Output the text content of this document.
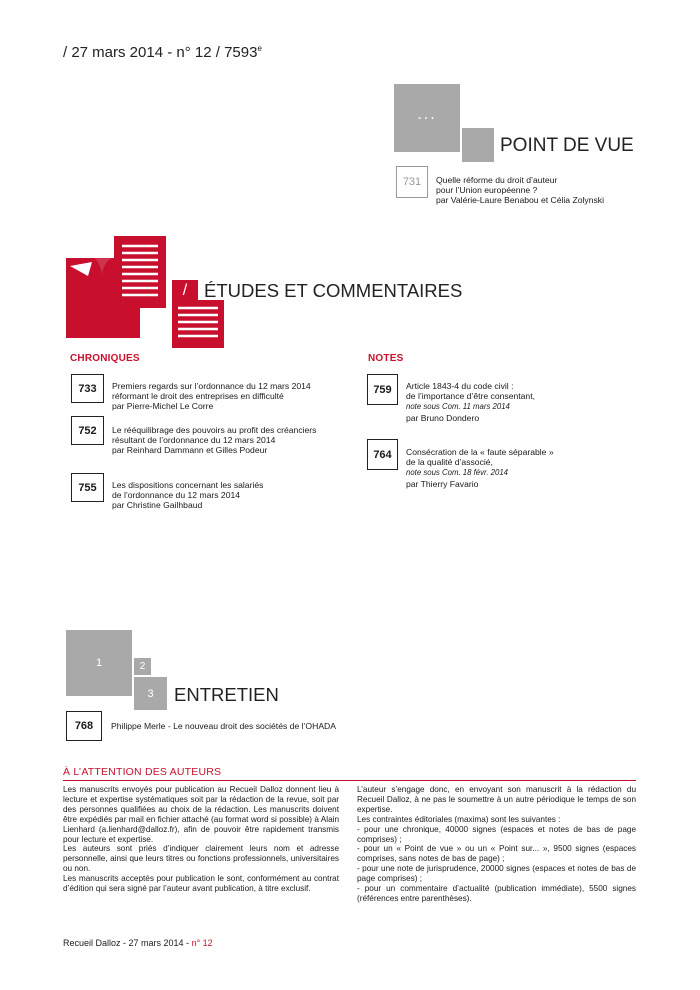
/ 27 mars 2014 - n° 12 / 7593e
...
POINT DE VUE
731 Quelle réforme du droit d’auteur
pour l’Union européenne ?
par Valérie-Laure Benabou et Célia Zolynski
/ ÉTUDES ET COMMENTAIRES
CHRONIQUES
733 Premiers regards sur l’ordonnance du 12 mars 2014
réformant le droit des entreprises en difficulté
par Pierre-Michel Le Corre
752 Le rééquilibrage des pouvoirs au profit des créanciers
résultant de l’ordonnance du 12 mars 2014
par Reinhard Dammann et Gilles Podeur
755 Les dispositions concernant les salariés
de l’ordonnance du 12 mars 2014
par Christine Gailhbaud
NOTES
759 Article 1843-4 du code civil :
de l’importance d’être consentant,
note sous Com. 11 mars 2014
par Bruno Dondero
764 Consécration de la « faute séparable »
de la qualité d’associé,
note sous Com. 18 févr. 2014
par Thierry Favario
1	2
3 ENTRETIEN
768 Philippe Merle - Le nouveau droit des sociétés de l’OHADA
À L’ATTENTION DES AUTEURS

Les manuscrits envoyés pour publication au Recueil Dalloz donnent lieu à lecture et expertise systématiques soit par la rédaction de la revue, soit par des personnes qualifiées au choix de la rédaction. Les manuscrits doivent être expédiés par mail en fichier attaché (au format word si possible) à Alain Lienhard (a.lienhard@dalloz.fr), afin de pouvoir être rapidement transmis pour lecture et expertise.

Les auteurs sont priés d’indiquer clairement leurs nom et adresse personnelle, ainsi que leurs titres ou fonctions professionnels, universitaires ou non.

Les manuscrits acceptés pour publication le sont, conformément au contrat d’édition qui sera signé par l’auteur avant publication, à titre exclusif.

L’auteur s’engage donc, en envoyant son manuscrit à la rédaction du Recueil Dalloz, à ne pas le soumettre à un autre périodique le temps de son expertise.

Les contraintes éditoriales (maxima) sont les suivantes :

- pour une chronique, 40000 signes (espaces et notes de bas de page comprises) ;

- pour un « Point de vue » ou un « Point sur... », 9500 signes (espaces comprises, sans notes de bas de page) ;

- pour une note de jurisprudence, 20000 signes (espaces et notes de bas de page comprises) ;

- pour un commentaire d’actualité (publication immédiate), 5500 signes (références entre parenthèses).

Recueil Dalloz - 27 mars 2014 - n° 12
